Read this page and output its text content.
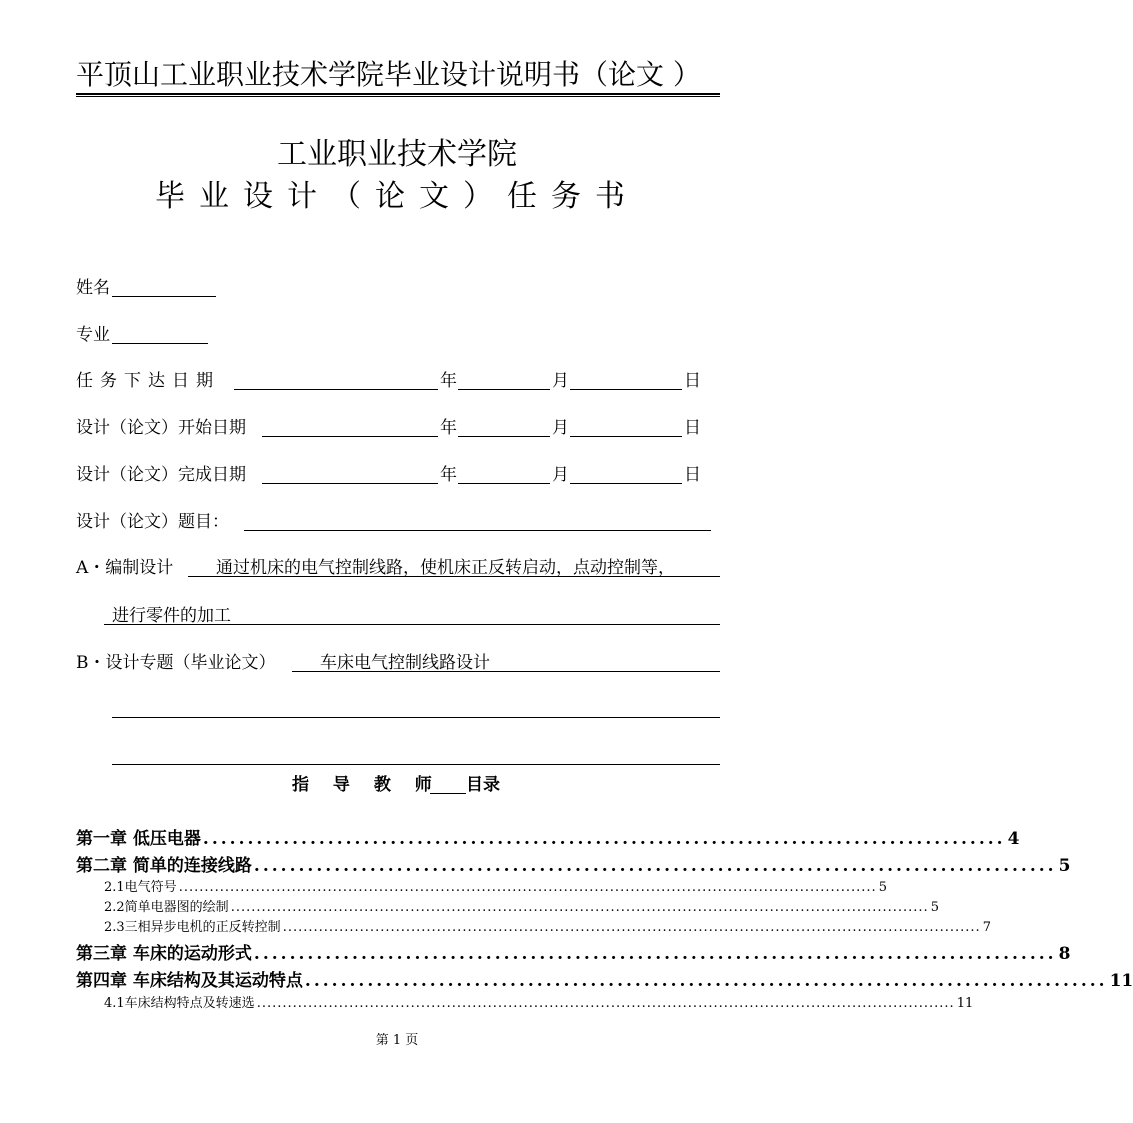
平顶山工业职业技术学院毕业设计说明书（论文 ）
工业职业技术学院
毕业设计（论文）任务书
姓名
专业
任务下达日期	年	月	日
设计（论文）开始日期	年	月	日
设计（论文）完成日期	年	月	日
设计（论文）题目：
A・编制设计	通过机床的电气控制线路，使机床正反转启动，点动控制等，
进行零件的加工
B・设计专题（毕业论文）	车床电气控制线路设计
指 导 教 师 目录
第一章 低压电器 .......................................................................................... 4
第二章 简单的连接线路 .......................................................................................... 5
2.1电气符号 ........................................................................................................................................ 5
2.2简单电器图的绘制 ........................................................................................................................................ 5
2.3三相异步电机的正反转控制 ........................................................................................................................................ 7
第三章 车床的运动形式 .......................................................................................... 8
第四章 车床结构及其运动特点 .......................................................................................... 11
4.1车床结构特点及转速选 ........................................................................................................................................ 11
第 1 页
